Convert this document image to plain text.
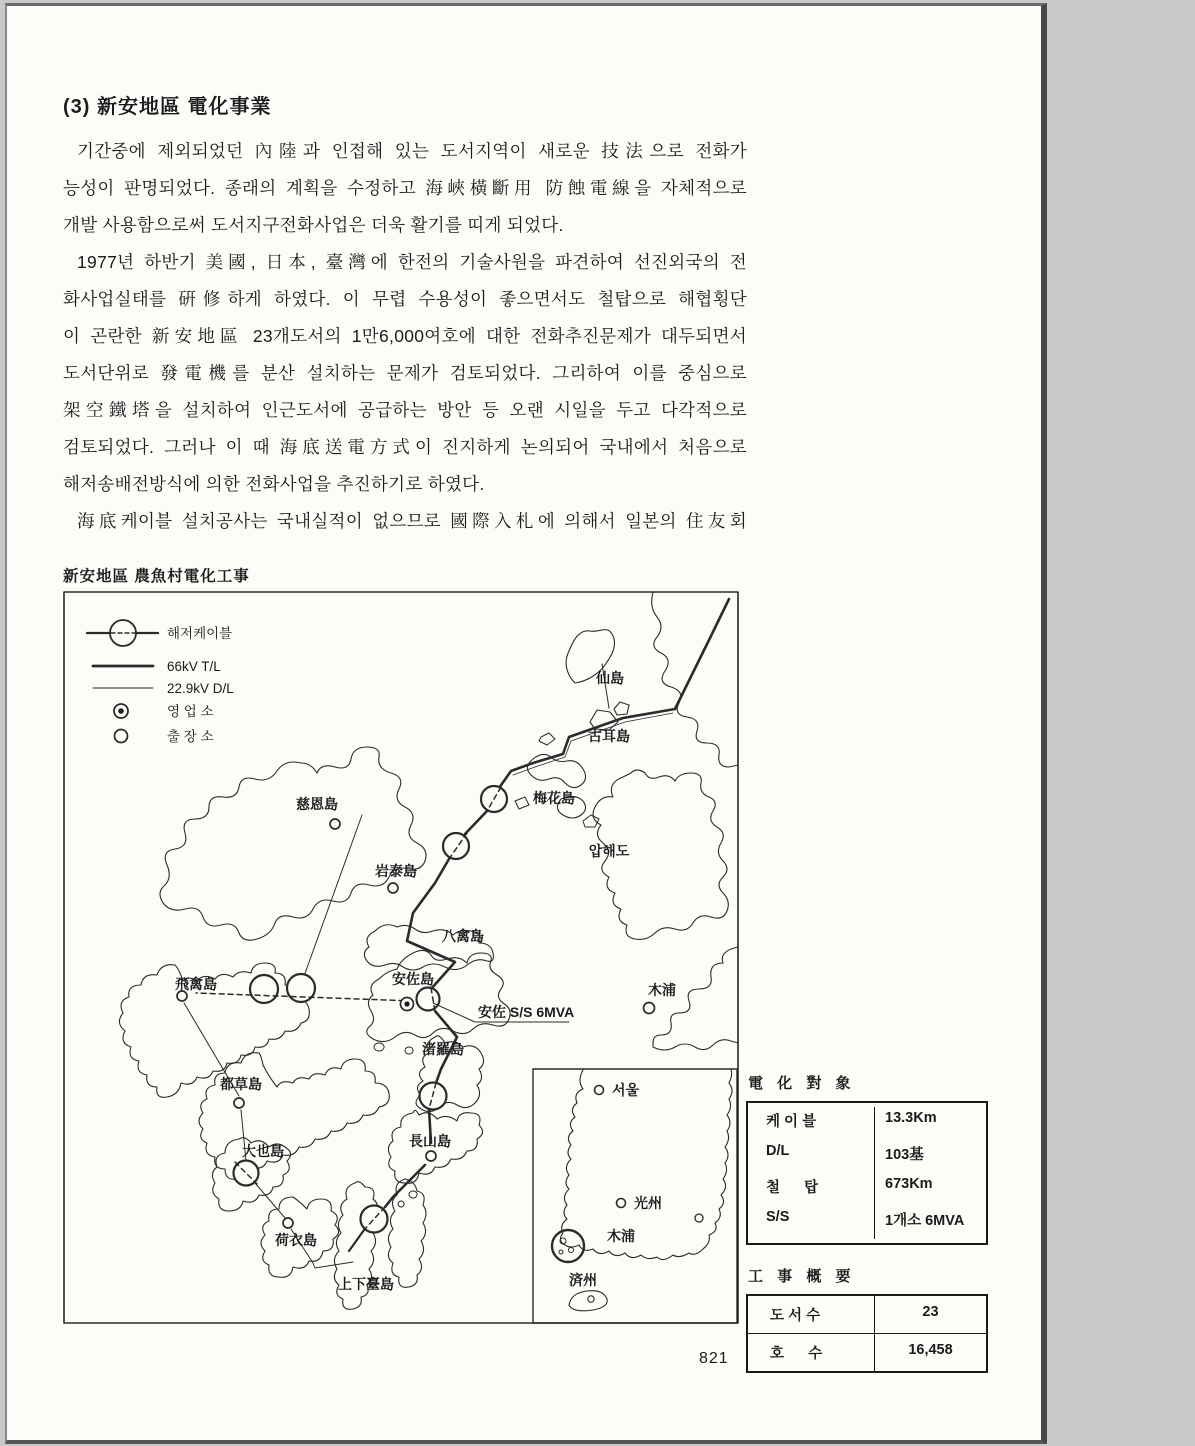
(3) 新安地區 電化事業
기간중에 제외되었던 內陸과 인접해 있는 도서지역이 새로운 技法으로 전화가
능성이 판명되었다. 종래의 계획을 수정하고 海峽橫斷用 防蝕電線을 자체적으로
개발 사용함으로써 도서지구전화사업은 더욱 활기를 띠게 되었다.
1977년 하반기 美國, 日本, 臺灣에 한전의 기술사원을 파견하여 선진외국의 전
화사업실태를 硏修하게 하였다. 이 무렵 수용성이 좋으면서도 철탑으로 해협횡단
이 곤란한 新安地區 23개도서의 1만6,000여호에 대한 전화추진문제가 대두되면서
도서단위로 發電機를 분산 설치하는 문제가 검토되었다. 그리하여 이를 중심으로
架空鐵塔을 설치하여 인근도서에 공급하는 방안 등 오랜 시일을 두고 다각적으로
검토되었다. 그러나 이 때 海底送電方式이 진지하게 논의되어 국내에서 처음으로
해저송배전방식에 의한 전화사업을 추진하기로 하였다.
海底케이블 설치공사는 국내실적이 없으므로 國際入札에 의해서 일본의 住友회
新安地區 農魚村電化工事
仙島
古耳島
梅花島
압해도
慈恩島
岩泰島
八禽島
安佐島
安佐 S/S 6MVA
渚羅島
飛禽島	木浦
都草島
大也島
長山島
荷衣島
上下臺島
서울
光州
木浦
済州
해저케이블
66kV T/L
22.9kV D/L
영 업 소
출 장 소
電 化 對 象
케 이 블	13.3Km
D/L	103基
철      탑	673Km
S/S	1개소 6MVA
工 事 概 要
도 서 수	23
호      수	16,458
821
